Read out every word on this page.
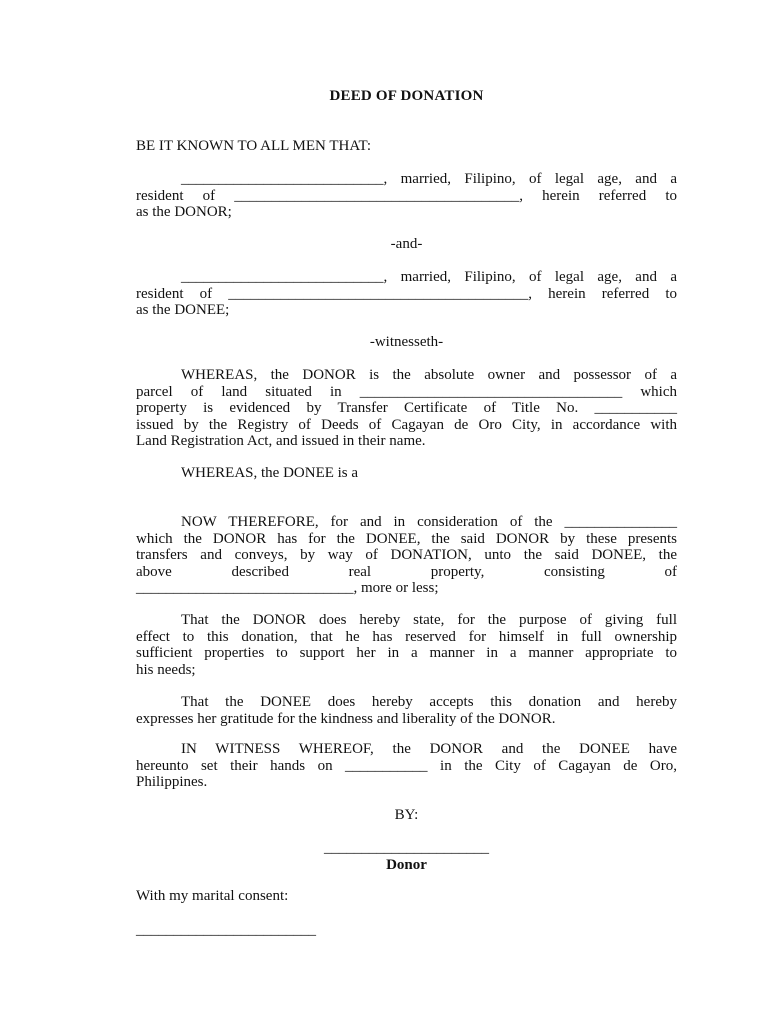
DEED OF DONATION
BE IT KNOWN TO ALL MEN THAT:

___________________________, married, Filipino, of legal age, and a

resident of ______________________________________, herein referred to

as the DONOR;

-and-

___________________________, married, Filipino, of legal age, and a

resident of ________________________________________, herein referred to

as the DONEE;

-witnesseth-

WHEREAS, the DONOR is the absolute owner and possessor of a

parcel of land situated in ___________________________________ which

property is evidenced by Transfer Certificate of Title No. ___________

issued by the Registry of Deeds of Cagayan de Oro City, in accordance with

Land Registration Act, and issued in their name.

WHEREAS, the DONEE is a

NOW THEREFORE, for and in consideration of the _______________

which the DONOR has for the DONEE, the said DONOR by these presents

transfers and conveys, by way of DONATION, unto the said DONEE, the

above described real property, consisting of

_____________________________, more or less;

That the DONOR does hereby state, for the purpose of giving full

effect to this donation, that he has reserved for himself in full ownership

sufficient properties to support her in a manner in a manner appropriate to

his needs;

That the DONEE does hereby accepts this donation and hereby

expresses her gratitude for the kindness and liberality of the DONOR.

IN WITNESS WHEREOF, the DONOR and the DONEE have

hereunto set their hands on ___________ in the City of Cagayan de Oro,

Philippines.

BY:

______________________

Donor

With my marital consent:
________________________
